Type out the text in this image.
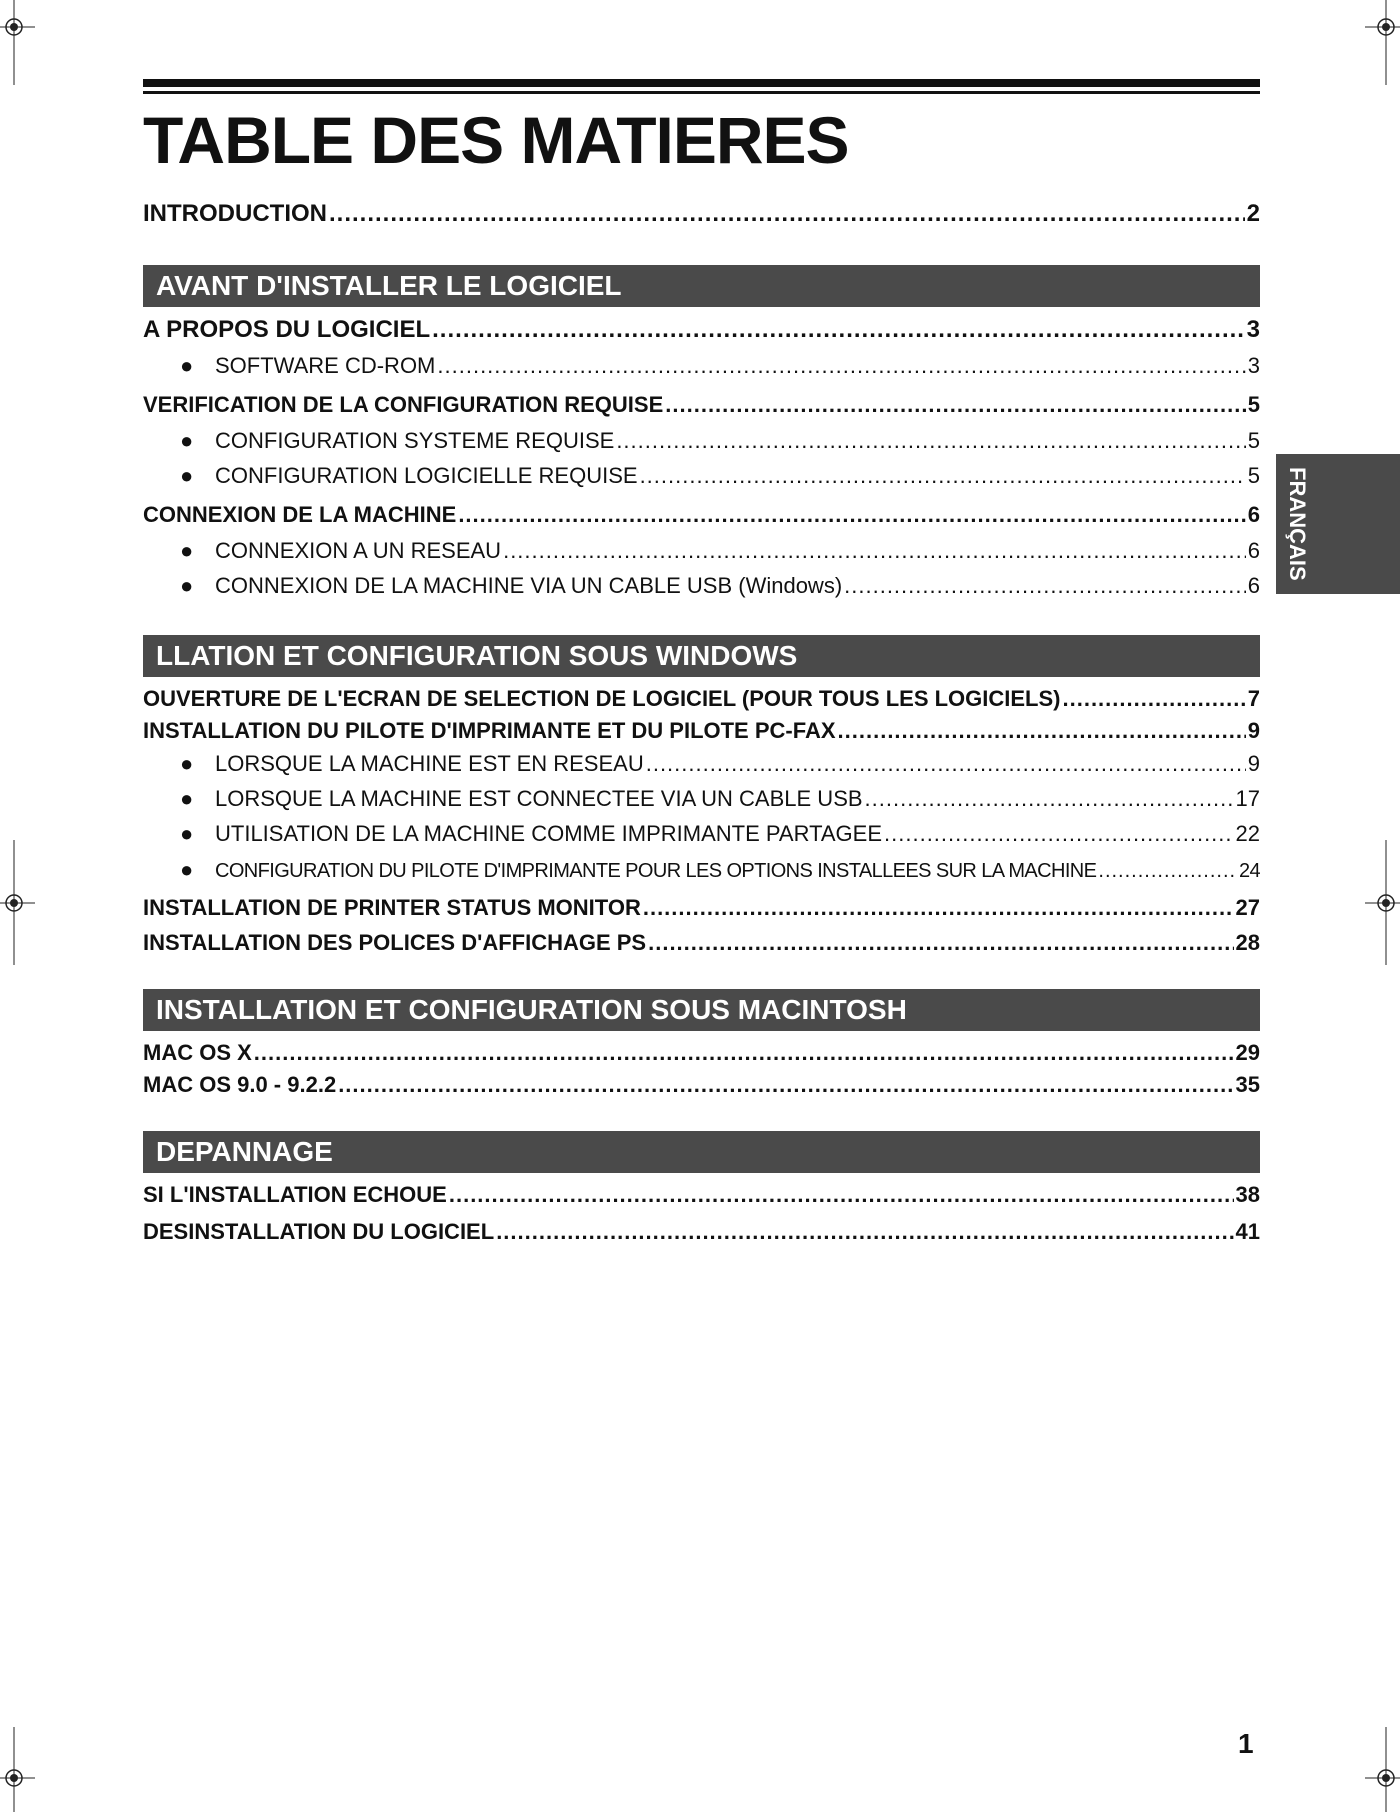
TABLE DES MATIERES
INTRODUCTION .....	2
AVANT D'INSTALLER LE LOGICIEL
A PROPOS DU LOGICIEL .....	3
● SOFTWARE CD-ROM .....	3
VERIFICATION DE LA CONFIGURATION REQUISE .....	5
● CONFIGURATION SYSTEME REQUISE .....	5
● CONFIGURATION LOGICIELLE REQUISE .....	5
CONNEXION DE LA MACHINE .....	6
● CONNEXION A UN RESEAU .....	6
● CONNEXION DE LA MACHINE VIA UN CABLE USB (Windows) .....	6
LLATION ET CONFIGURATION SOUS WINDOWS
OUVERTURE DE L'ECRAN DE SELECTION DE LOGICIEL (POUR TOUS LES LOGICIELS) .....	7
INSTALLATION DU PILOTE D'IMPRIMANTE ET DU PILOTE PC-FAX .....	9
● LORSQUE LA MACHINE EST EN RESEAU .....	9
● LORSQUE LA MACHINE EST CONNECTEE VIA UN CABLE USB .....	17
● UTILISATION DE LA MACHINE COMME IMPRIMANTE PARTAGEE .....	22
●	CONFIGURATION DU PILOTE D'IMPRIMANTE POUR LES OPTIONS INSTALLEES SUR LA MACHINE .....	24
INSTALLATION DE PRINTER STATUS MONITOR .....	27
INSTALLATION DES POLICES D'AFFICHAGE PS .....	28
INSTALLATION ET CONFIGURATION SOUS MACINTOSH
MAC OS X .....	29
MAC OS 9.0 - 9.2.2 .....	35
DEPANNAGE
SI L'INSTALLATION ECHOUE .....	38
DESINSTALLATION DU LOGICIEL .....	41
FRANÇAIS
1
